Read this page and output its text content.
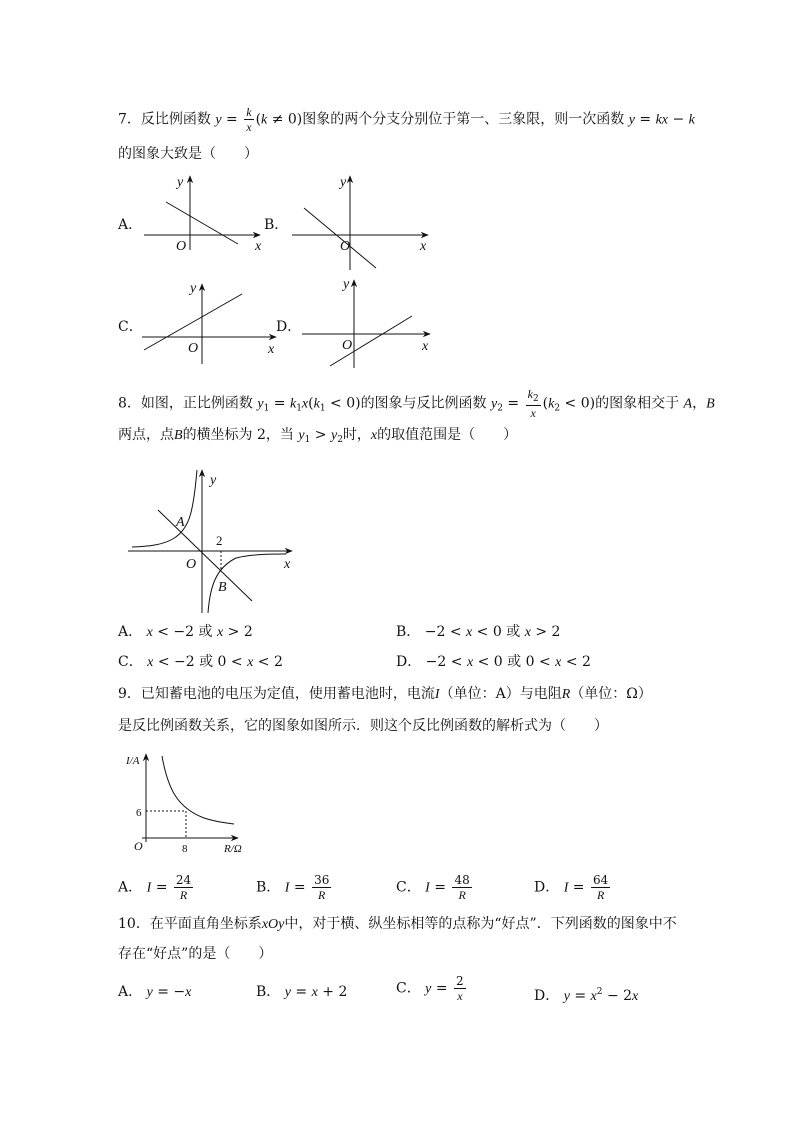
7．反比例函数 $y = \frac{k}{x} (k \ne 0)$图象的两个分支分别位于第一、三象限，则一次函数 y = kx − k
的图象大致是（　　）
A．
y
O	x
B．
y
O	x
C．
y
O	x
D．
y
O	x
8．如图，正比例函数 $y_1 = k_1x(k_1 < 0)$的图象与反比例函数 $y_2 = \frac{k_2}{x} (k_2 < 0)$的图象相交于 A，B
两点，点B的横坐标为 2，当 $y_1 > y_2$时，x的取值范围是（　　）
y
A
2
O	x
B
A． x < −2 或 x > 2	B． −2 < x < 0 或 x > 2
C． x < −2 或 0 < x < 2	D． −2 < x < 0 或 0 < x < 2
9．已知蓄电池的电压为定值，使用蓄电池时，电流I（单位：A）与电阻R（单位：Ω）
是反比例函数关系，它的图象如图所示．则这个反比例函数的解析式为（　　）
I/A
6
O	8	R/Ω
A． $I = \frac{24}{R}$	B． $I = \frac{36}{R}$	C． $I = \frac{48}{R}$	D． $I = \frac{64}{R}$
10．在平面直角坐标系xOy中，对于横、纵坐标相等的点称为“好点”．下列函数的图象中不
存在“好点”的是（　　）
A． y = −x	B． y = x + 2	C． $y = \frac{2}{x}$	D． $y = x^2 - 2x$
